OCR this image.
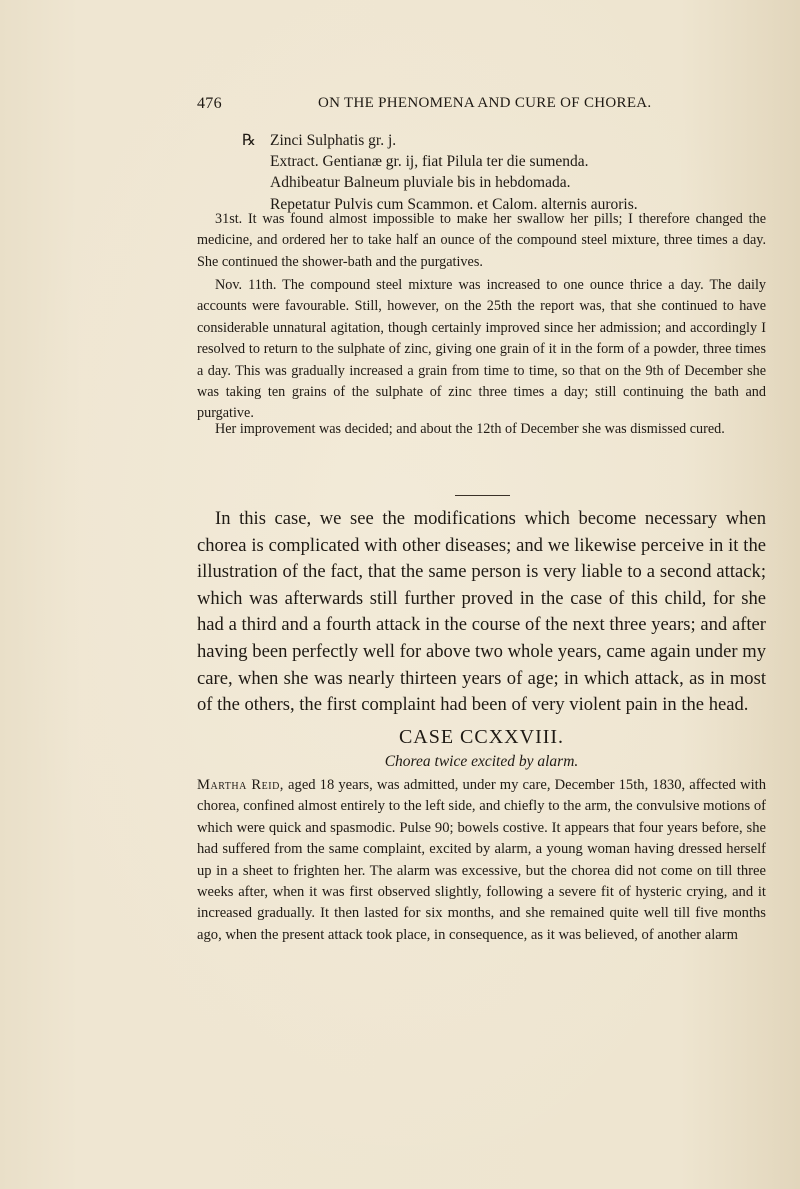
476	ON THE PHENOMENA AND CURE OF CHOREA.
℞ Zinci Sulphatis gr. j.
Extract. Gentianæ gr. ij, fiat Pilula ter die sumenda.
Adhibeatur Balneum pluviale bis in hebdomada.
Repetatur Pulvis cum Scammon. et Calom. alternis auroris.
31st. It was found almost impossible to make her swallow her pills; I therefore changed the medicine, and ordered her to take half an ounce of the compound steel mixture, three times a day. She continued the shower-bath and the purgatives.
Nov. 11th. The compound steel mixture was increased to one ounce thrice a day. The daily accounts were favourable. Still, however, on the 25th the report was, that she continued to have considerable unnatural agitation, though certainly improved since her admission; and accordingly I resolved to return to the sulphate of zinc, giving one grain of it in the form of a powder, three times a day. This was gradually increased a grain from time to time, so that on the 9th of December she was taking ten grains of the sulphate of zinc three times a day; still continuing the bath and purgative.
Her improvement was decided; and about the 12th of December she was dismissed cured.
In this case, we see the modifications which become necessary when chorea is complicated with other diseases; and we likewise perceive in it the illustration of the fact, that the same person is very liable to a second attack; which was afterwards still further proved in the case of this child, for she had a third and a fourth attack in the course of the next three years; and after having been perfectly well for above two whole years, came again under my care, when she was nearly thirteen years of age; in which attack, as in most of the others, the first complaint had been of very violent pain in the head.
CASE CCXXVIII.
Chorea twice excited by alarm.
Martha Reid, aged 18 years, was admitted, under my care, December 15th, 1830, affected with chorea, confined almost entirely to the left side, and chiefly to the arm, the convulsive motions of which were quick and spasmodic. Pulse 90; bowels costive. It appears that four years before, she had suffered from the same complaint, excited by alarm, a young woman having dressed herself up in a sheet to frighten her. The alarm was excessive, but the chorea did not come on till three weeks after, when it was first observed slightly, following a severe fit of hysteric crying, and it increased gradually. It then lasted for six months, and she remained quite well till five months ago, when the present attack took place, in consequence, as it was believed, of another alarm
